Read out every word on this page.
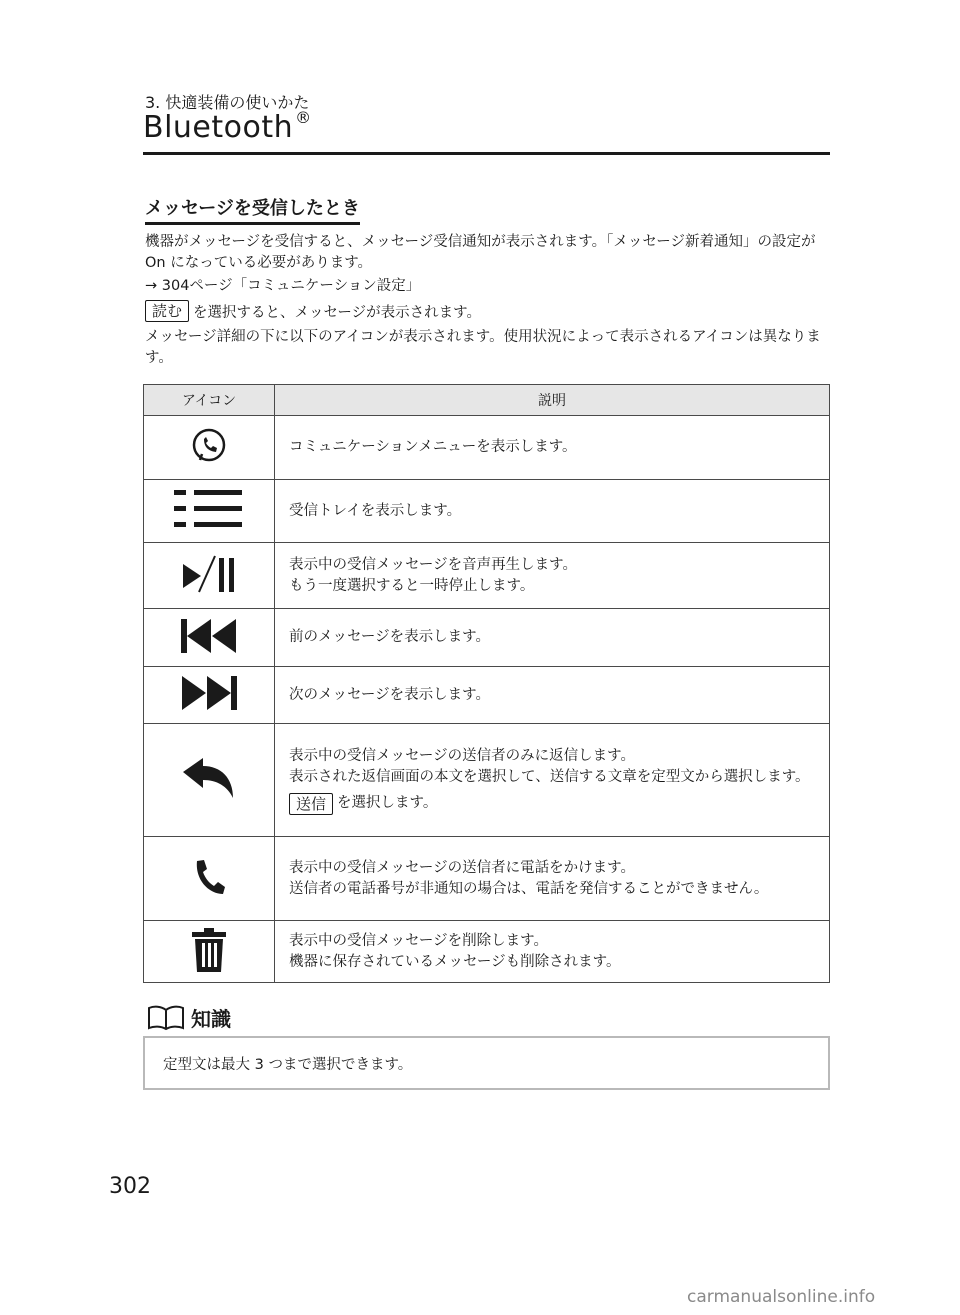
3. 快適装備の使いかた
Bluetooth ®
メッセージを受信したとき
機器がメッセージを受信すると、メッセージ受信通知が表示されます。「メッセージ新着通知」の設定が On になっている必要があります。
→ 304ページ「コミュニケーション設定」
読む を選択すると、メッセージが表示されます。
メッセージ詳細の下に以下のアイコンが表示されます。使用状況によって表示されるアイコンは異なります。
アイコン	説明

コミュニケーションメニューを表示します。

受信トレイを表示します。

表示中の受信メッセージを音声再生します。
もう一度選択すると一時停止します。

前のメッセージを表示します。

次のメッセージを表示します。

表示中の受信メッセージの送信者のみに返信します。
表示された返信画面の本文を選択して、送信する文章を定型文から選択します。
送信 を選択します。

表示中の受信メッセージの送信者に電話をかけます。
送信者の電話番号が非通知の場合は、電話を発信することができません。

表示中の受信メッセージを削除します。
機器に保存されているメッセージも削除されます。
知識
定型文は最大 3 つまで選択できます。
302
carmanualsonline.info
